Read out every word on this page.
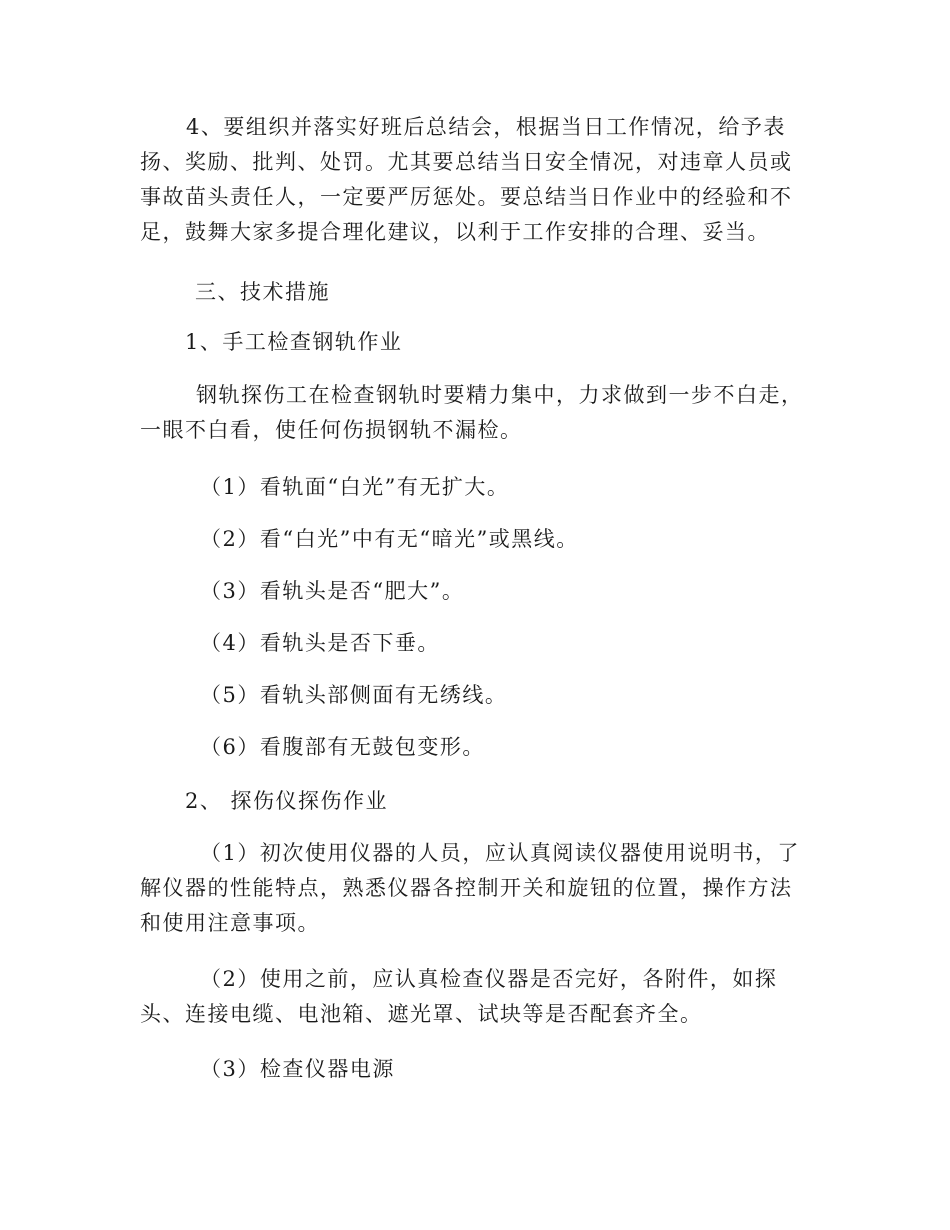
4、要组织并落实好班后总结会，根据当日工作情况，给予表扬、奖励、批判、处罚。尤其要总结当日安全情况，对违章人员或事故苗头责任人，一定要严厉惩处。要总结当日作业中的经验和不足，鼓舞大家多提合理化建议，以利于工作安排的合理、妥当。

三、技术措施

1、手工检查钢轨作业

钢轨探伤工在检查钢轨时要精力集中，力求做到一步不白走，一眼不白看，使任何伤损钢轨不漏检。

（1）看轨面“白光”有无扩大。

（2）看“白光”中有无“暗光”或黑线。

（3）看轨头是否“肥大”。

（4）看轨头是否下垂。

（5）看轨头部侧面有无绣线。

（6）看腹部有无鼓包变形。

2、 探伤仪探伤作业

（1）初次使用仪器的人员，应认真阅读仪器使用说明书，了解仪器的性能特点，熟悉仪器各控制开关和旋钮的位置，操作方法和使用注意事项。

（2）使用之前，应认真检查仪器是否完好，各附件，如探头、连接电缆、电池箱、遮光罩、试块等是否配套齐全。

（3）检查仪器电源
